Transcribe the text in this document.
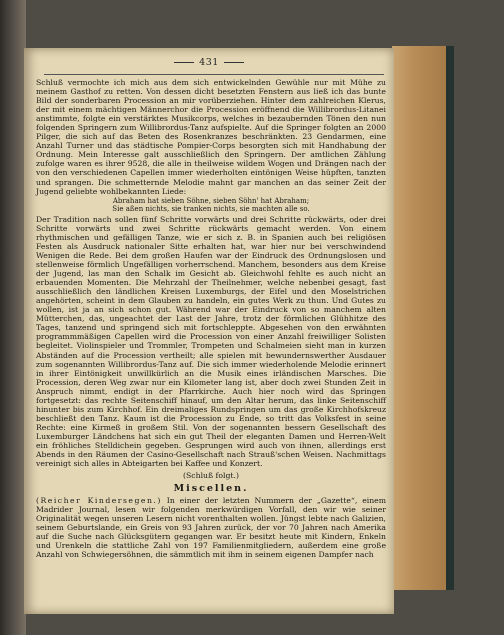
431

Schluß vermochte ich mich aus dem sich entwickelnden Gewühle nur mit Mühe zu meinem Gasthof zu retten. Von dessen dicht besetzten Fenstern aus ließ ich das bunte Bild der sonderbaren Procession an mir vorüberziehen. Hinter dem zahlreichen Klerus, der mit einem mächtigen Männerchor die Procession eröffnend die Willibrordus-Litanei anstimmte, folgte ein verstärktes Musikcorps, welches in bezaubernden Tönen den nun folgenden Springern zum Willibrordus-Tanz aufspielte. Auf die Springer folgten an 2000 Pilger, die sich auf das Beten des Rosenkranzes beschränkten. 23 Gendarmen, eine Anzahl Turner und das städtische Pompier-Corps besorgten sich mit Handhabung der Ordnung. Mein Interesse galt ausschließlich den Springern. Der amtlichen Zählung zufolge waren es ihrer 9528, die alle in theilweise wildem Wogen und Drängen nach der von den verschiedenen Capellen immer wiederholten eintönigen Weise hüpften, tanzten und sprangen. Die schmetternde Melodie mahnt gar manchen an das seiner Zeit der Jugend geliebte wohlbekannten Liede:

Abraham hat sieben Söhne, sieben Söhn' hat Abraham;
Sie aßen nichts, sie tranken nichts, sie machten alle so.

Der Tradition nach sollen fünf Schritte vorwärts und drei Schritte rückwärts, oder drei Schritte vorwärts und zwei Schritte rückwärts gemacht werden. Von einem rhythmischen und gefälligen Tanze, wie er sich z. B. in Spanien auch bei religiösen Festen als Ausdruck nationaler Sitte erhalten hat, war hier nur bei verschwindend Wenigen die Rede. Bei dem großen Haufen war der Eindruck des Ordnungslosen und stellenweise förmlich Ungefälligen vorherrschend. Manchem, besonders aus dem Kreise der Jugend, las man den Schalk im Gesicht ab. Gleichwohl fehlte es auch nicht an erbauenden Momenten. Die Mehrzahl der Theilnehmer, welche nebenbei gesagt, fast ausschließlich den ländlichen Kreisen Luxemburgs, der Eifel und den Moselstrichen angehörten, scheint in dem Glauben zu handeln, ein gutes Werk zu thun. Und Gutes zu wollen, ist ja an sich schon gut. Während war der Eindruck von so manchem alten Mütterchen, das, ungeachtet der Last der Jahre, trotz der förmlichen Glühhitze des Tages, tanzend und springend sich mit fortschleppte. Abgesehen von den erwähnten programmmäßigen Capellen wird die Procession von einer Anzahl freiwilliger Solisten begleitet. Violinspieler und Trommler, Trompeten und Schalmeien sieht man in kurzen Abständen auf die Procession vertheilt; alle spielen mit bewundernswerther Ausdauer zum sogenannten Willibrordus-Tanz auf. Die sich immer wiederholende Melodie erinnert in ihrer Eintönigkeit unwillkürlich an die Musik eines irländischen Marsches. Die Procession, deren Weg zwar nur ein Kilometer lang ist, aber doch zwei Stunden Zeit in Anspruch nimmt, endigt in der Pfarrkirche. Auch hier noch wird das Springen fortgesetzt: das rechte Seitenschiff hinauf, um den Altar herum, das linke Seitenschiff hinunter bis zum Kirchhof. Ein dreimaliges Rundspringen um das große Kirchhofskreuz beschließt den Tanz. Kaum ist die Procession zu Ende, so tritt das Volksfest in seine Rechte: eine Kirmeß in großem Stil. Von der sogenannten bessern Gesellschaft des Luxemburger Ländchens hat sich ein gut Theil der eleganten Damen und Herren-Welt ein fröhliches Stelldichein gegeben. Gesprungen wird auch von ihnen, allerdings erst Abends in den Räumen der Casino-Gesellschaft nach Strauß'schen Weisen. Nachmittags vereinigt sich alles in Abteigarten bei Kaffee und Konzert.

(Schluß folgt.)
Miscellen.

(Reicher Kindersegen.) In einer der letzten Nummern der „Gazette“, einem Madrider Journal, lesen wir folgenden merkwürdigen Vorfall, den wir wie seiner Originalität wegen unseren Lesern nicht vorenthalten wollen. Jüngst lebte nach Galizien, seinem Geburtslande, ein Greis von 93 Jahren zurück, der vor 70 Jahren nach Amerika auf die Suche nach Glücksgütern gegangen war. Er besitzt heute mit Kindern, Enkeln und Urenkeln die stattliche Zahl von 197 Familienmitgliedern, außerdem eine große Anzahl von Schwiegersöhnen, die sämmtlich mit ihm in seinem eigenen Dampfer nach
